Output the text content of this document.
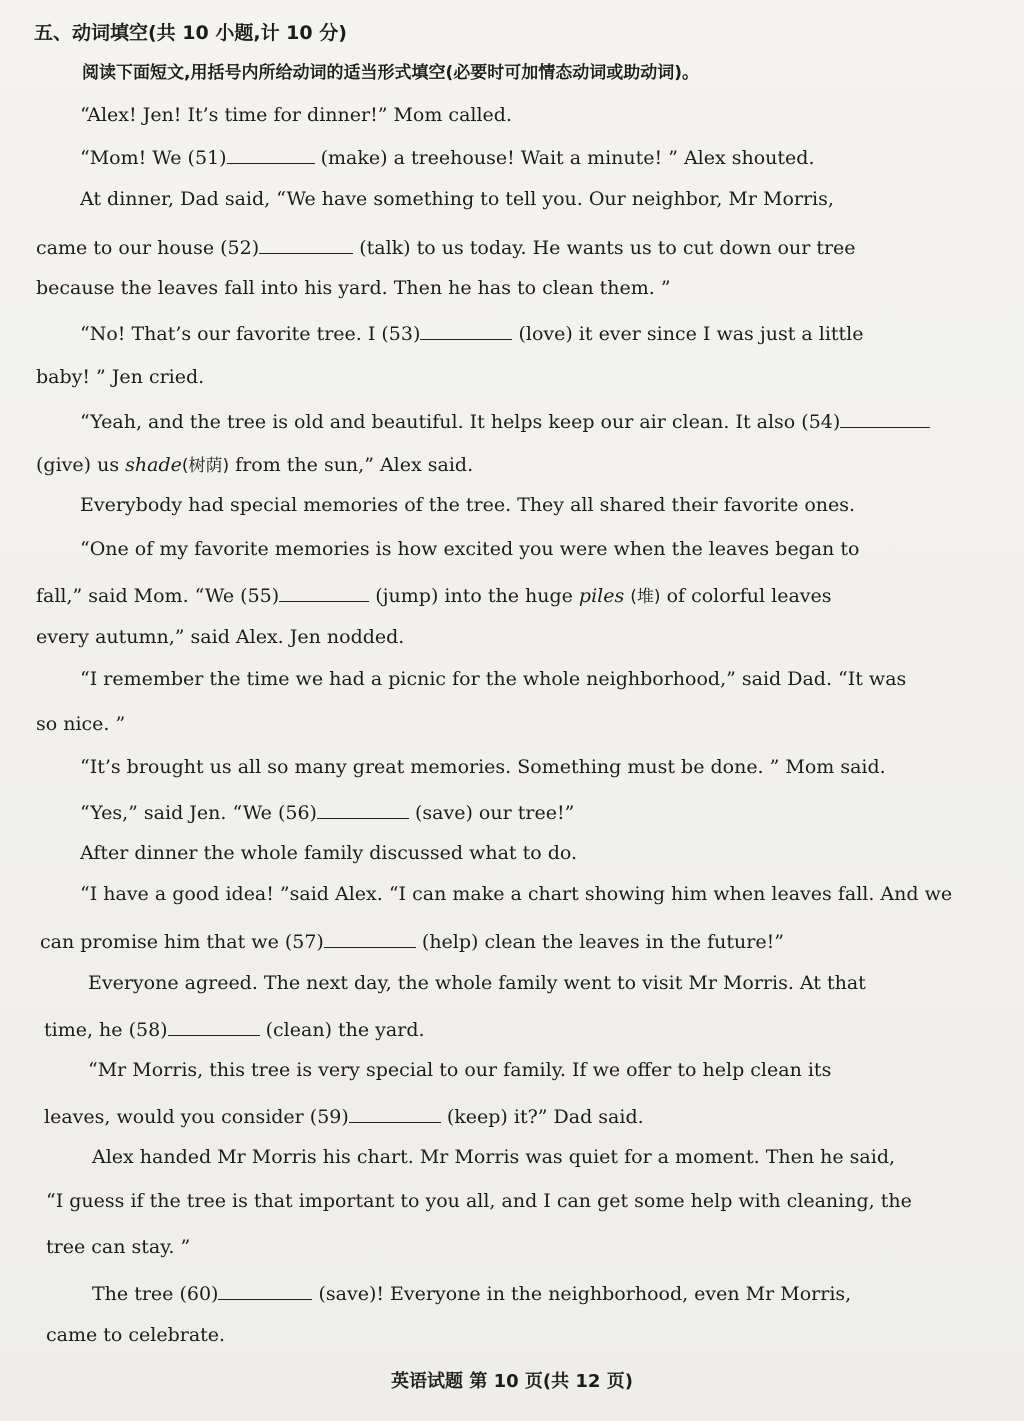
五、动词填空(共 10 小题,计 10 分)
阅读下面短文,用括号内所给动词的适当形式填空(必要时可加情态动词或助动词)。
“Alex! Jen! It’s time for dinner!” Mom called.
“Mom! We (51)	(make) a treehouse! Wait a minute! ” Alex shouted.
At dinner, Dad said, “We have something to tell you. Our neighbor, Mr Morris,
came to our house (52)	(talk) to us today. He wants us to cut down our tree
because the leaves fall into his yard. Then he has to clean them. ”
“No! That’s our favorite tree. I (53)	(love) it ever since I was just a little
baby! ” Jen cried.
“Yeah, and the tree is old and beautiful. It helps keep our air clean. It also (54)
(give) us shade(树荫) from the sun,” Alex said.
Everybody had special memories of the tree. They all shared their favorite ones.
“One of my favorite memories is how excited you were when the leaves began to
fall,” said Mom. “We (55)	(jump) into the huge piles (堆) of colorful leaves
every autumn,” said Alex. Jen nodded.
“I remember the time we had a picnic for the whole neighborhood,” said Dad. “It was
so nice. ”
“It’s brought us all so many great memories. Something must be done. ” Mom said.
“Yes,” said Jen. “We (56)	(save) our tree!”
After dinner the whole family discussed what to do.
“I have a good idea! ”said Alex. “I can make a chart showing him when leaves fall. And we
can promise him that we (57)	(help) clean the leaves in the future!”
Everyone agreed. The next day, the whole family went to visit Mr Morris. At that
time, he (58)	(clean) the yard.
“Mr Morris, this tree is very special to our family. If we offer to help clean its
leaves, would you consider (59)	(keep) it?” Dad said.
Alex handed Mr Morris his chart. Mr Morris was quiet for a moment. Then he said,
“I guess if the tree is that important to you all, and I can get some help with cleaning, the
tree can stay. ”
The tree (60)	(save)! Everyone in the neighborhood, even Mr Morris,
came to celebrate.
英语试题 第 10 页(共 12 页)
